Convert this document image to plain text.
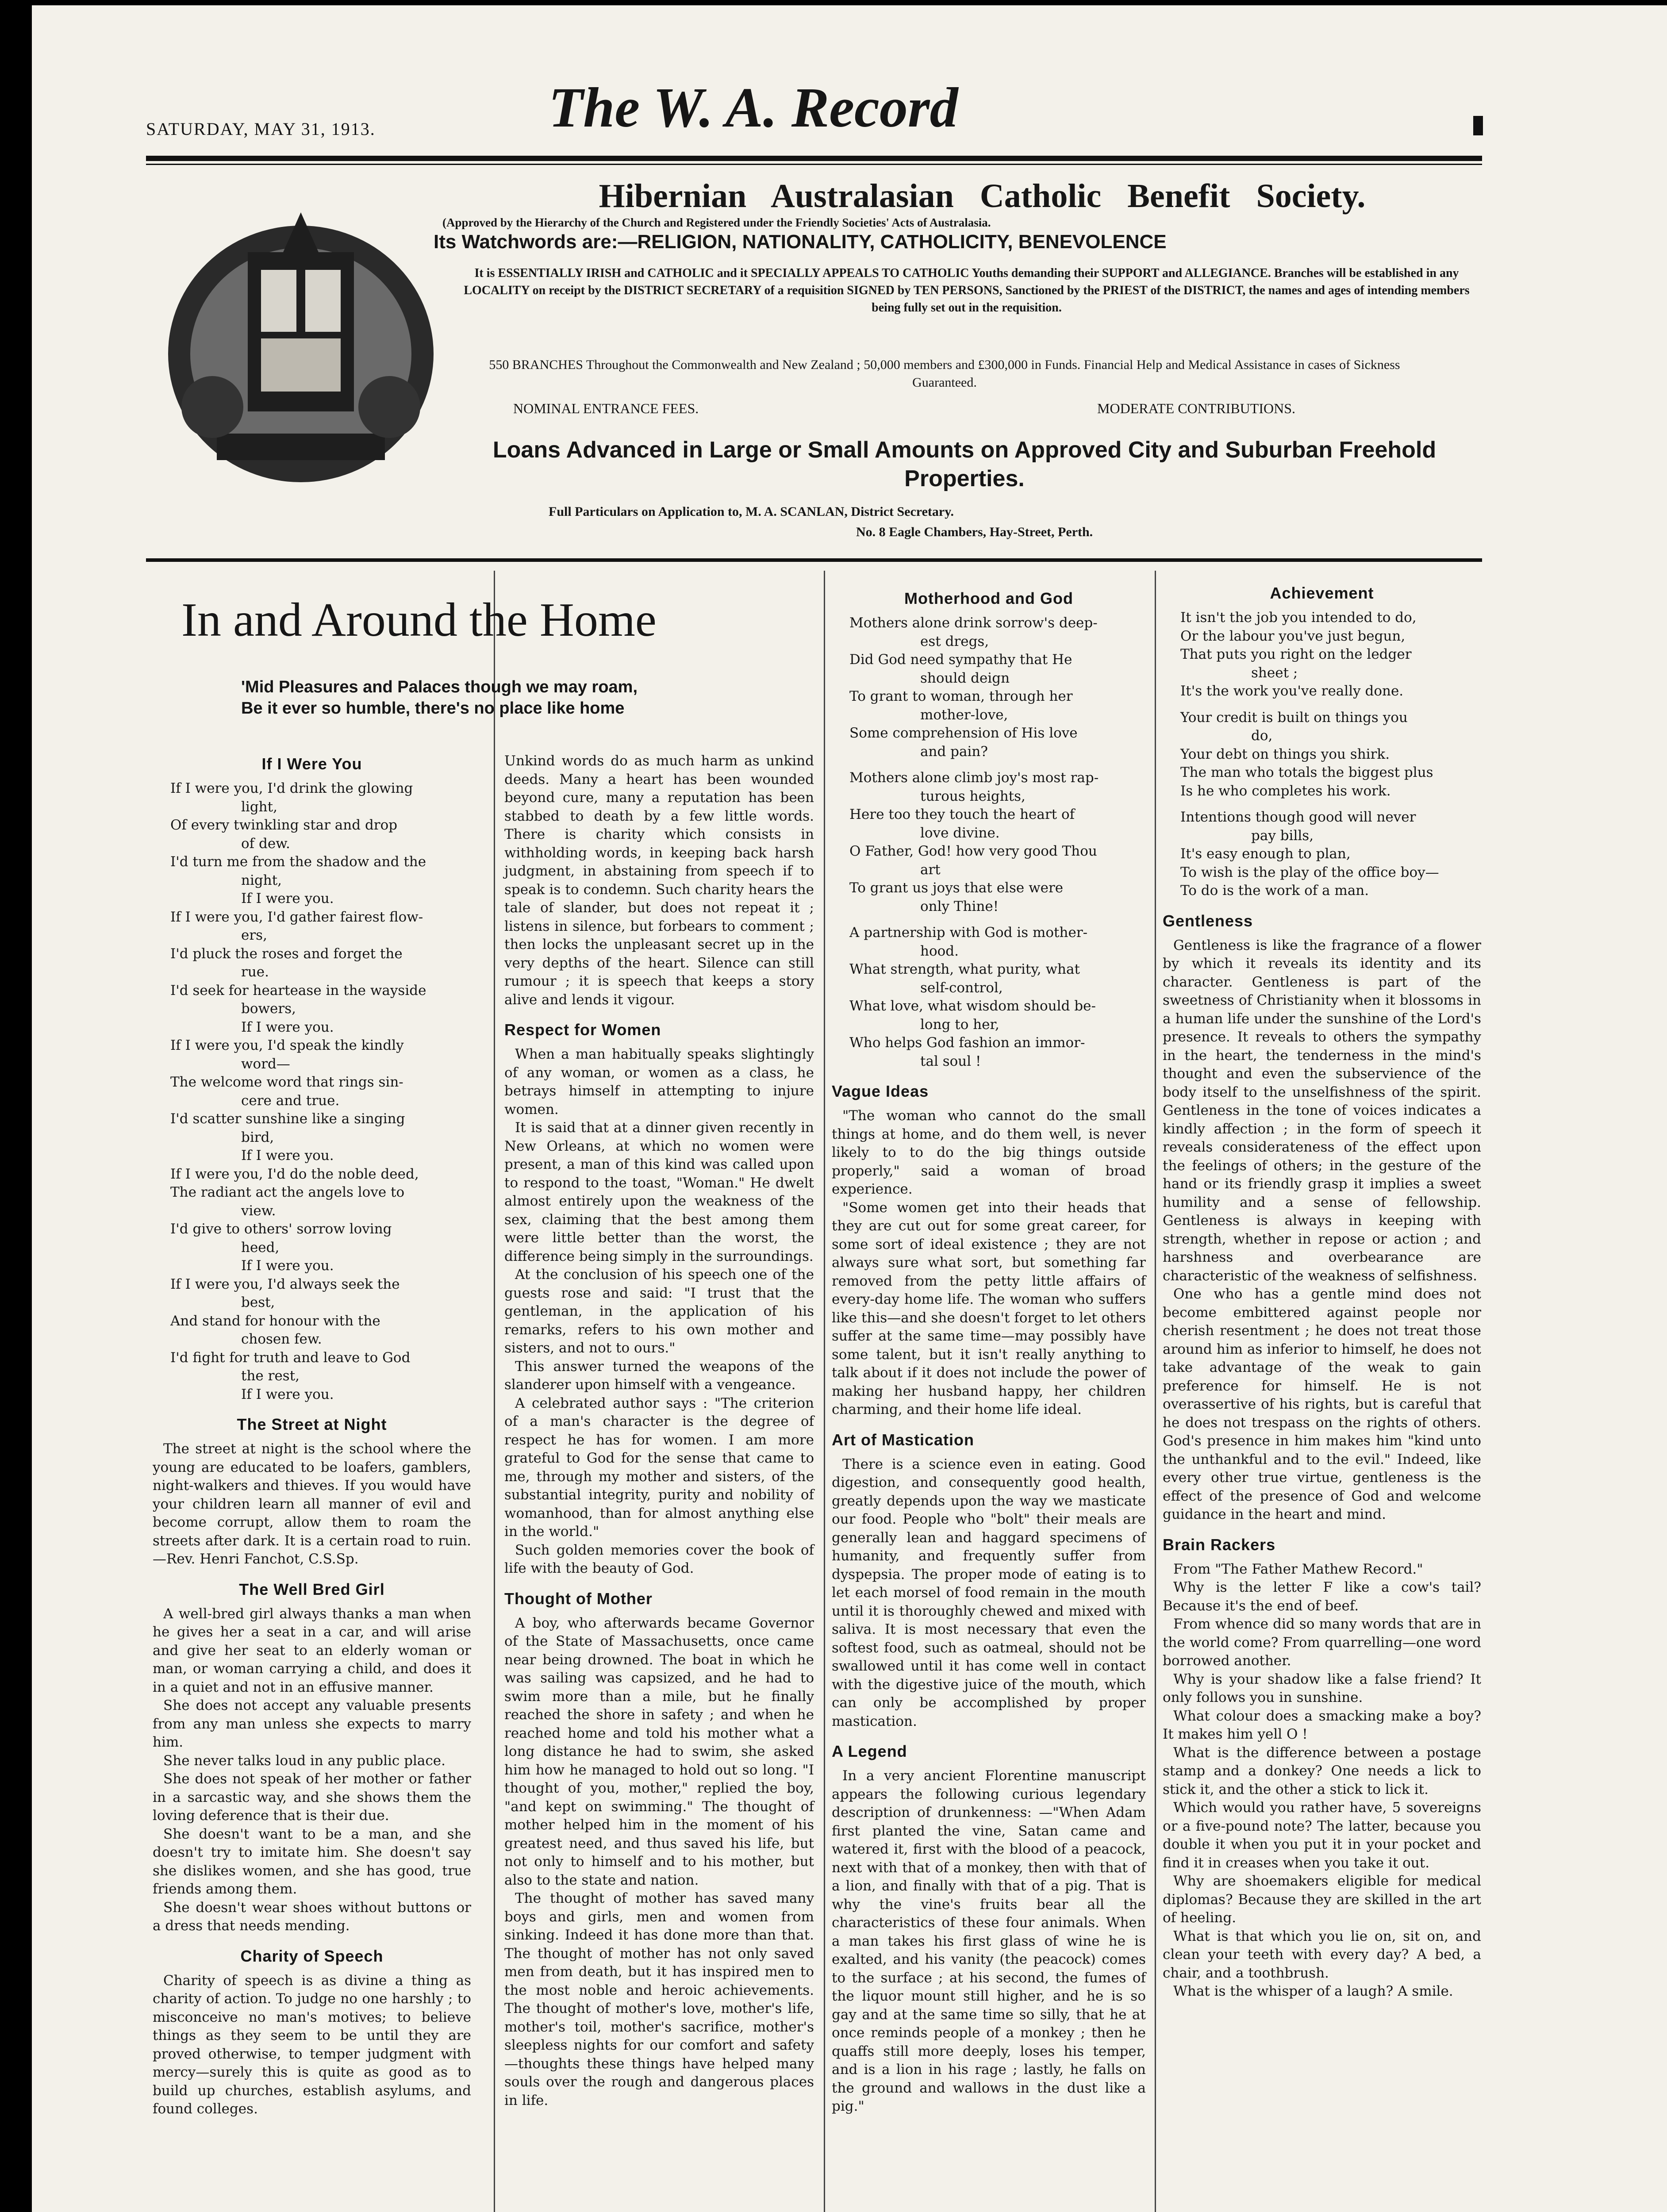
SATURDAY, MAY 31, 1913.	The W. A. Record
Hibernian Australasian Catholic Benefit Society.
(Approved by the Hierarchy of the Church and Registered under the Friendly Societies' Acts of Australasia.
Its Watchwords are:—RELIGION, NATIONALITY, CATHOLICITY, BENEVOLENCE
It is ESSENTIALLY IRISH and CATHOLIC and it SPECIALLY APPEALS TO CATHOLIC Youths demanding their SUPPORT and ALLEGIANCE. Branches will be established in any LOCALITY on receipt by the DISTRICT SECRETARY of a requisition SIGNED by TEN PERSONS, Sanctioned by the PRIEST of the DISTRICT, the names and ages of intending members being fully set out in the requisition.
550 BRANCHES Throughout the Commonwealth and New Zealand ; 50,000 members and £300,000 in Funds. Financial Help and Medical Assistance in cases of Sickness Guaranteed.
NOMINAL ENTRANCE FEES.	MODERATE CONTRIBUTIONS.
Loans Advanced in Large or Small Amounts on Approved City and Suburban Freehold Properties.
Full Particulars on Application to, M. A. SCANLAN, District Secretary.
No. 8 Eagle Chambers, Hay-Street, Perth.
In and Around the Home
'Mid Pleasures and Palaces though we may roam, Be it ever so humble, there's no place like home
If I Were You
If I were you, I'd drink the glowing
light,
Of every twinkling star and drop
of dew.
I'd turn me from the shadow and the
night,
If I were you.
If I were you, I'd gather fairest flow-
ers,
I'd pluck the roses and forget the
rue.
I'd seek for heartease in the wayside
bowers,
If I were you.
If I were you, I'd speak the kindly
word—
The welcome word that rings sin-
cere and true.
I'd scatter sunshine like a singing
bird,
If I were you.
If I were you, I'd do the noble deed,
The radiant act the angels love to
view.
I'd give to others' sorrow loving
heed,
If I were you.
If I were you, I'd always seek the
best,
And stand for honour with the
chosen few.
I'd fight for truth and leave to God
the rest,
If I were you.
The Street at Night

The street at night is the school where the young are educated to be loafers, gamblers, night-walkers and thieves. If you would have your children learn all manner of evil and become corrupt, allow them to roam the streets after dark. It is a certain road to ruin.—Rev. Henri Fanchot, C.S.Sp.

The Well Bred Girl

A well-bred girl always thanks a man when he gives her a seat in a car, and will arise and give her seat to an elderly woman or man, or woman carrying a child, and does it in a quiet and not in an effusive manner.

She does not accept any valuable presents from any man unless she expects to marry him.

She never talks loud in any public place.

She does not speak of her mother or father in a sarcastic way, and she shows them the loving deference that is their due.

She doesn't want to be a man, and she doesn't try to imitate him. She doesn't say she dislikes women, and she has good, true friends among them.

She doesn't wear shoes without buttons or a dress that needs mending.

Charity of Speech

Charity of speech is as divine a thing as charity of action. To judge no one harshly ; to misconceive no man's motives; to believe things as they seem to be until they are proved otherwise, to temper judgment with mercy—surely this is quite as good as to build up churches, establish asylums, and found colleges.

Unkind words do as much harm as unkind deeds. Many a heart has been wounded beyond cure, many a reputation has been stabbed to death by a few little words. There is charity which consists in withholding words, in keeping back harsh judgment, in abstaining from speech if to speak is to condemn. Such charity hears the tale of slander, but does not repeat it ; listens in silence, but forbears to comment ; then locks the unpleasant secret up in the very depths of the heart. Silence can still rumour ; it is speech that keeps a story alive and lends it vigour.

Respect for Women

When a man habitually speaks slightingly of any woman, or women as a class, he betrays himself in attempting to injure women.

It is said that at a dinner given recently in New Orleans, at which no women were present, a man of this kind was called upon to respond to the toast, "Woman." He dwelt almost entirely upon the weakness of the sex, claiming that the best among them were little better than the worst, the difference being simply in the surroundings.

At the conclusion of his speech one of the guests rose and said: "I trust that the gentleman, in the application of his remarks, refers to his own mother and sisters, and not to ours."

This answer turned the weapons of the slanderer upon himself with a vengeance.

A celebrated author says : "The criterion of a man's character is the degree of respect he has for women. I am more grateful to God for the sense that came to me, through my mother and sisters, of the substantial integrity, purity and nobility of womanhood, than for almost anything else in the world."

Such golden memories cover the book of life with the beauty of God.

Thought of Mother

A boy, who afterwards became Governor of the State of Massachusetts, once came near being drowned. The boat in which he was sailing was capsized, and he had to swim more than a mile, but he finally reached the shore in safety ; and when he reached home and told his mother what a long distance he had to swim, she asked him how he managed to hold out so long. "I thought of you, mother," replied the boy, "and kept on swimming." The thought of mother helped him in the moment of his greatest need, and thus saved his life, but not only to himself and to his mother, but also to the state and nation.

The thought of mother has saved many boys and girls, men and women from sinking. Indeed it has done more than that. The thought of mother has not only saved men from death, but it has inspired men to the most noble and heroic achievements. The thought of mother's love, mother's life, mother's toil, mother's sacrifice, mother's sleepless nights for our comfort and safety—thoughts these things have helped many souls over the rough and dangerous places in life.

Motherhood and God
Mothers alone drink sorrow's deep-
est dregs,
Did God need sympathy that He
should deign
To grant to woman, through her
mother-love,
Some comprehension of His love
and pain?
Mothers alone climb joy's most rap-
turous heights,
Here too they touch the heart of
love divine.
O Father, God! how very good Thou
art
To grant us joys that else were
only Thine!
A partnership with God is mother-
hood.
What strength, what purity, what
self-control,
What love, what wisdom should be-
long to her,
Who helps God fashion an immor-
tal soul !
Vague Ideas

"The woman who cannot do the small things at home, and do them well, is never likely to to do the big things outside properly," said a woman of broad experience.

"Some women get into their heads that they are cut out for some great career, for some sort of ideal existence ; they are not always sure what sort, but something far removed from the petty little affairs of every-day home life. The woman who suffers like this—and she doesn't forget to let others suffer at the same time—may possibly have some talent, but it isn't really anything to talk about if it does not include the power of making her husband happy, her children charming, and their home life ideal.

Art of Mastication

There is a science even in eating. Good digestion, and consequently good health, greatly depends upon the way we masticate our food. People who "bolt" their meals are generally lean and haggard specimens of humanity, and frequently suffer from dyspepsia. The proper mode of eating is to let each morsel of food remain in the mouth until it is thoroughly chewed and mixed with saliva. It is most necessary that even the softest food, such as oatmeal, should not be swallowed until it has come well in contact with the digestive juice of the mouth, which can only be accomplished by proper mastication.

A Legend

In a very ancient Florentine manuscript appears the following curious legendary description of drunkenness: —"When Adam first planted the vine, Satan came and watered it, first with the blood of a peacock, next with that of a monkey, then with that of a lion, and finally with that of a pig. That is why the vine's fruits bear all the characteristics of these four animals. When a man takes his first glass of wine he is exalted, and his vanity (the peacock) comes to the surface ; at his second, the fumes of the liquor mount still higher, and he is so gay and at the same time so silly, that he at once reminds people of a monkey ; then he quaffs still more deeply, loses his temper, and is a lion in his rage ; lastly, he falls on the ground and wallows in the dust like a pig."

Achievement
It isn't the job you intended to do,
Or the labour you've just begun,
That puts you right on the ledger
sheet ;
It's the work you've really done.
Your credit is built on things you
do,
Your debt on things you shirk.
The man who totals the biggest plus
Is he who completes his work.
Intentions though good will never
pay bills,
It's easy enough to plan,
To wish is the play of the office boy—
To do is the work of a man.
Gentleness

Gentleness is like the fragrance of a flower by which it reveals its identity and its character. Gentleness is part of the sweetness of Christianity when it blossoms in a human life under the sunshine of the Lord's presence. It reveals to others the sympathy in the heart, the tenderness in the mind's thought and even the subservience of the body itself to the unselfishness of the spirit. Gentleness in the tone of voices indicates a kindly affection ; in the form of speech it reveals considerateness of the effect upon the feelings of others; in the gesture of the hand or its friendly grasp it implies a sweet humility and a sense of fellowship. Gentleness is always in keeping with strength, whether in repose or action ; and harshness and overbearance are characteristic of the weakness of selfishness.

One who has a gentle mind does not become embittered against people nor cherish resentment ; he does not treat those around him as inferior to himself, he does not take advantage of the weak to gain preference for himself. He is not overassertive of his rights, but is careful that he does not trespass on the rights of others. God's presence in him makes him "kind unto the unthankful and to the evil." Indeed, like every other true virtue, gentleness is the effect of the presence of God and welcome guidance in the heart and mind.

Brain Rackers

From "The Father Mathew Record."

Why is the letter F like a cow's tail? Because it's the end of beef.

From whence did so many words that are in the world come? From quarrelling—one word borrowed another.

Why is your shadow like a false friend? It only follows you in sunshine.

What colour does a smacking make a boy? It makes him yell O !

What is the difference between a postage stamp and a donkey? One needs a lick to stick it, and the other a stick to lick it.

Which would you rather have, 5 sovereigns or a five-pound note? The latter, because you double it when you put it in your pocket and find it in creases when you take it out.

Why are shoemakers eligible for medical diplomas? Because they are skilled in the art of heeling.

What is that which you lie on, sit on, and clean your teeth with every day? A bed, a chair, and a toothbrush.

What is the whisper of a laugh? A smile.
